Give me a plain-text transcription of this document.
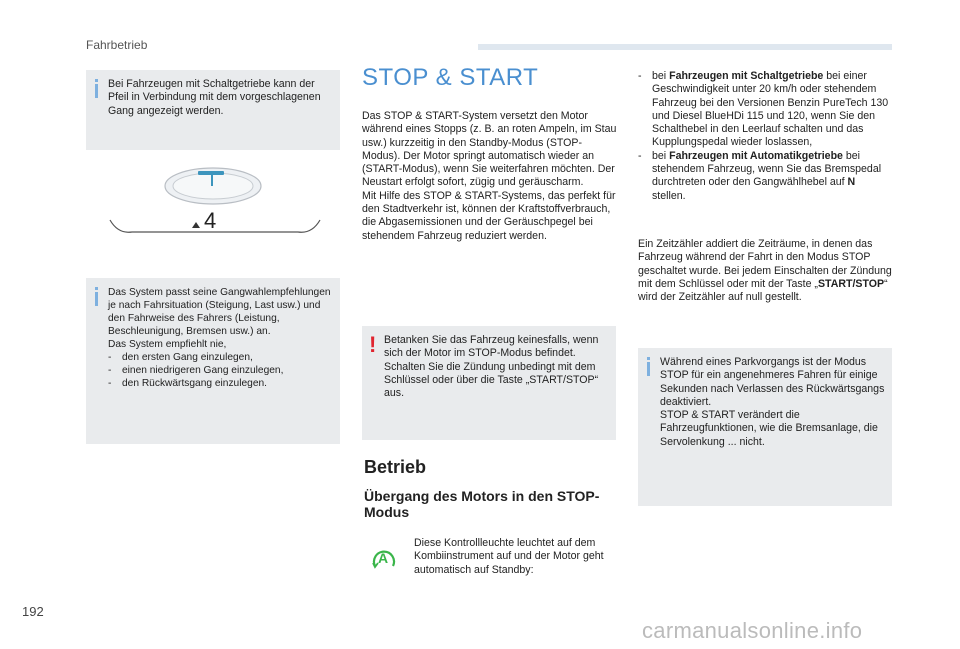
Fahrbetrieb
Bei Fahrzeugen mit Schaltgetriebe kann der Pfeil in Verbindung mit dem vorgeschlagenen Gang angezeigt werden.
4

Das System passt seine Gangwahlempfehlungen je nach Fahrsituation (Steigung, Last usw.) und den Fahrweise des Fahrers (Leistung, Beschleunigung, Bremsen usw.) an.

Das System empfiehlt nie,

- den ersten Gang einzulegen,
- einen niedrigeren Gang einzulegen,
- den Rückwärtsgang einzulegen.
STOP & START

Das STOP & START-System versetzt den Motor während eines Stopps (z. B. an roten Ampeln, im Stau usw.) kurzzeitig in den Standby-Modus (STOP-Modus). Der Motor springt automatisch wieder an (START-Modus), wenn Sie weiterfahren möchten. Der Neustart erfolgt sofort, zügig und geräuscharm.

Mit Hilfe des STOP & START-Systems, das perfekt für den Stadtverkehr ist, können der Kraftstoffverbrauch, die Abgasemissionen und der Geräuschpegel bei stehendem Fahrzeug reduziert werden.

! Betanken Sie das Fahrzeug keinesfalls, wenn sich der Motor im STOP-Modus befindet. Schalten Sie die Zündung unbedingt mit dem Schlüssel oder über die Taste „START/STOP“ aus.
Betrieb
Übergang des Motors in den STOP-Modus
A
Diese Kontrollleuchte leuchtet auf dem Kombiinstrument auf und der Motor geht automatisch auf Standby:
- bei Fahrzeugen mit Schaltgetriebe bei einer Geschwindigkeit unter 20 km/h oder stehendem Fahrzeug bei den Versionen Benzin PureTech 130 und Diesel BlueHDi 115 und 120, wenn Sie den Schalthebel in den Leerlauf schalten und das Kupplungspedal wieder loslassen,
- bei Fahrzeugen mit Automatikgetriebe bei stehendem Fahrzeug, wenn Sie das Bremspedal durchtreten oder den Gangwählhebel auf N stellen.
Ein Zeitzähler addiert die Zeiträume, in denen das Fahrzeug während der Fahrt in den Modus STOP geschaltet wurde. Bei jedem Einschalten der Zündung mit dem Schlüssel oder mit der Taste „START/STOP“ wird der Zeitzähler auf null gestellt.

Während eines Parkvorgangs ist der Modus STOP für ein angenehmeres Fahren für einige Sekunden nach Verlassen des Rückwärtsgangs deaktiviert.

STOP & START verändert die Fahrzeugfunktionen, wie die Bremsanlage, die Servolenkung ... nicht.

192
carmanualsonline.info
